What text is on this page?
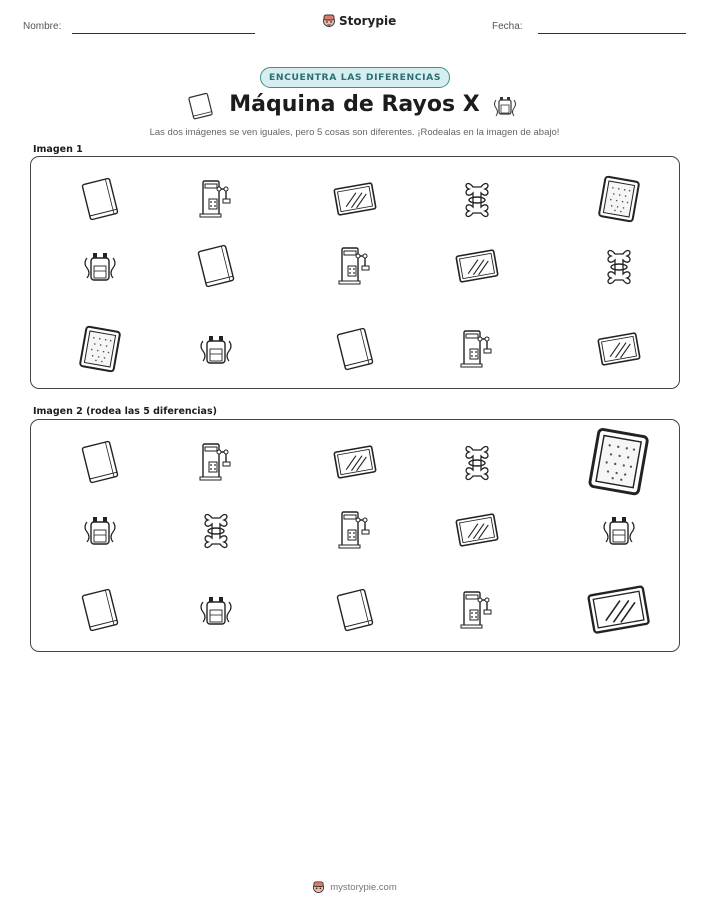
Nombre:	Storypie	Fecha:
ENCUENTRA LAS DIFERENCIAS
Máquina de Rayos X
Las dos imágenes se ven iguales, pero 5 cosas son diferentes. ¡Rodealas en la imagen de abajo!
Imagen 1
Imagen 2 (rodea las 5 diferencias)
mystorypie.com
